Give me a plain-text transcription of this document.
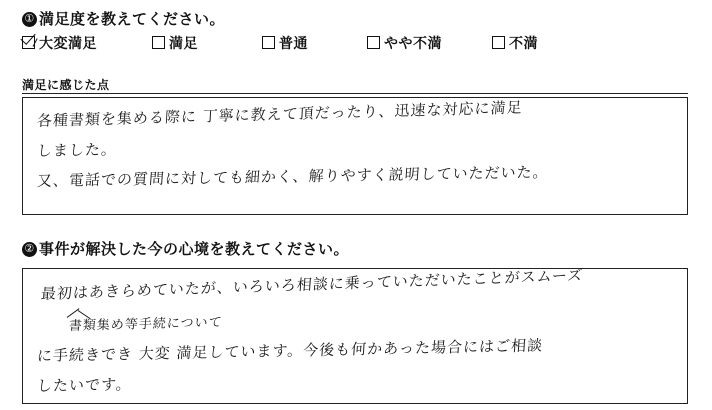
① 満足度を教えてください。
大変満足	満足	普通	やや不満	不満
満足に感じた点
各種書類を集める際に 丁寧に教えて頂だったり、迅速な対応に満足
しました。
又、電話での質問に対しても細かく、解りやすく説明していただいた。
② 事件が解決した今の心境を教えてください。
最初はあきらめていたが、いろいろ相談に乗っていただいたことがスムーズ
書類集め等手続について
に手続きでき 大変 満足しています。今後も何かあった場合にはご相談
したいです。
